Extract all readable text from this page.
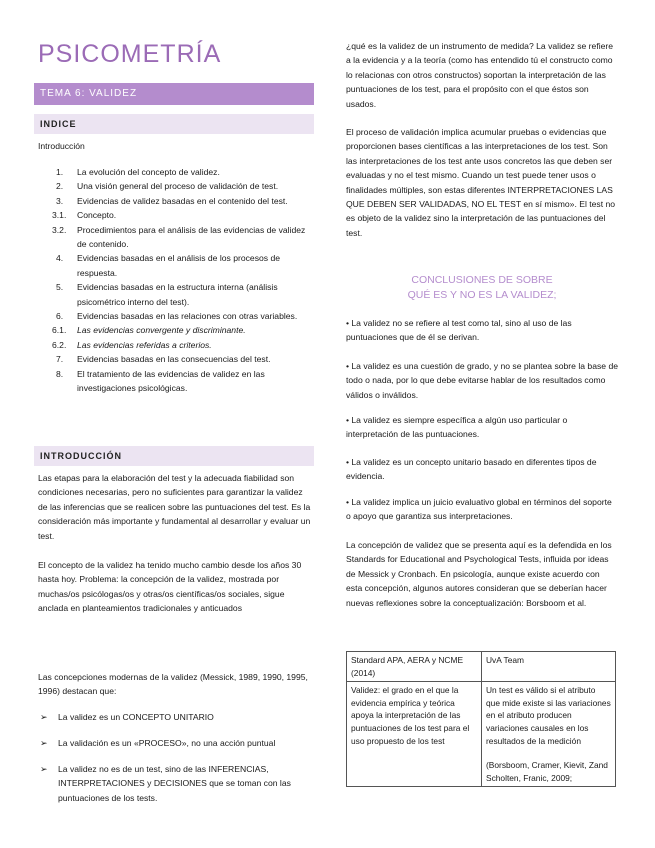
PSICOMETRÍA
TEMA 6: VALIDEZ
INDICE
Introducción
1.	La evolución del concepto de validez.
2.	Una visión general del proceso de validación de test.
3.	Evidencias de validez basadas en el contenido del test.
3.1.	Concepto.
3.2.	Procedimientos para el análisis de las evidencias de validez de contenido.
4.	Evidencias basadas en el análisis de los procesos de respuesta.
5.	Evidencias basadas en la estructura interna (análisis psicométrico interno del test).
6.	Evidencias basadas en las relaciones con otras variables.
6.1.	Las evidencias convergente y discriminante.
6.2.	Las evidencias referidas a criterios.
7.	Evidencias basadas en las consecuencias del test.
8.	El tratamiento de las evidencias de validez en las investigaciones psicológicas.
INTRODUCCIÓN
Las etapas para la elaboración del test y la adecuada fiabilidad son condiciones necesarias, pero no suficientes para garantizar la validez de las inferencias que se realicen sobre las puntuaciones del test. Es la consideración más importante y fundamental al desarrollar y evaluar un test.
El concepto de la validez ha tenido mucho cambio desde los años 30 hasta hoy. Problema: la concepción de la validez, mostrada por muchas/os psicólogas/os y otras/os científicas/os sociales, sigue anclada en planteamientos tradicionales y anticuados
Las concepciones modernas de la validez (Messick, 1989, 1990, 1995, 1996) destacan que:
➢	La validez es un CONCEPTO UNITARIO
➢	La validación es un «PROCESO», no una acción puntual
➢	La validez no es de un test, sino de las INFERENCIAS, INTERPRETACIONES y DECISIONES que se toman con las puntuaciones de los tests.
¿qué es la validez de un instrumento de medida? La validez se refiere a la evidencia y a la teoría (como has entendido tú el constructo como lo relacionas con otros constructos) soportan la interpretación de las puntuaciones de los test, para el propósito con el que éstos son usados.
El proceso de validación implica acumular pruebas o evidencias que proporcionen bases científicas a las interpretaciones de los test. Son las interpretaciones de los test ante usos concretos las que deben ser evaluadas y no el test mismo. Cuando un test puede tener usos o finalidades múltiples, son estas diferentes INTERPRETACIONES LAS QUE DEBEN SER VALIDADAS, NO EL TEST en sí mismo». El test no es objeto de la validez sino la interpretación de las puntuaciones del test.
CONCLUSIONES DE SOBRE
QUÉ ES Y NO ES LA VALIDEZ;
• La validez no se refiere al test como tal, sino al uso de las puntuaciones que de él se derivan.
• La validez es una cuestión de grado, y no se plantea sobre la base de todo o nada, por lo que debe evitarse hablar de los resultados como válidos o inválidos.
• La validez es siempre específica a algún uso particular o interpretación de las puntuaciones.
• La validez es un concepto unitario basado en diferentes tipos de evidencia.
• La validez implica un juicio evaluativo global en términos del soporte o apoyo que garantiza sus interpretaciones.
La concepción de validez que se presenta aquí es la defendida en los Standards for Educational and Psychological Tests, influida por ideas de Messick y Cronbach. En psicología, aunque existe acuerdo con esta concepción, algunos autores consideran que se deberían hacer nuevas reflexiones sobre la conceptualización: Borsboom et al.
Standard APA, AERA y NCME (2014)	UvA Team
Validez: el grado en el que la evidencia empírica y teórica apoya la interpretación de las puntuaciones de los test para el uso propuesto de los test	Un test es válido si el atributo que mide existe si las variaciones en el atributo producen variaciones causales en los resultados de la medición
(Borsboom, Cramer, Kievit, Zand Scholten, Franic, 2009;
